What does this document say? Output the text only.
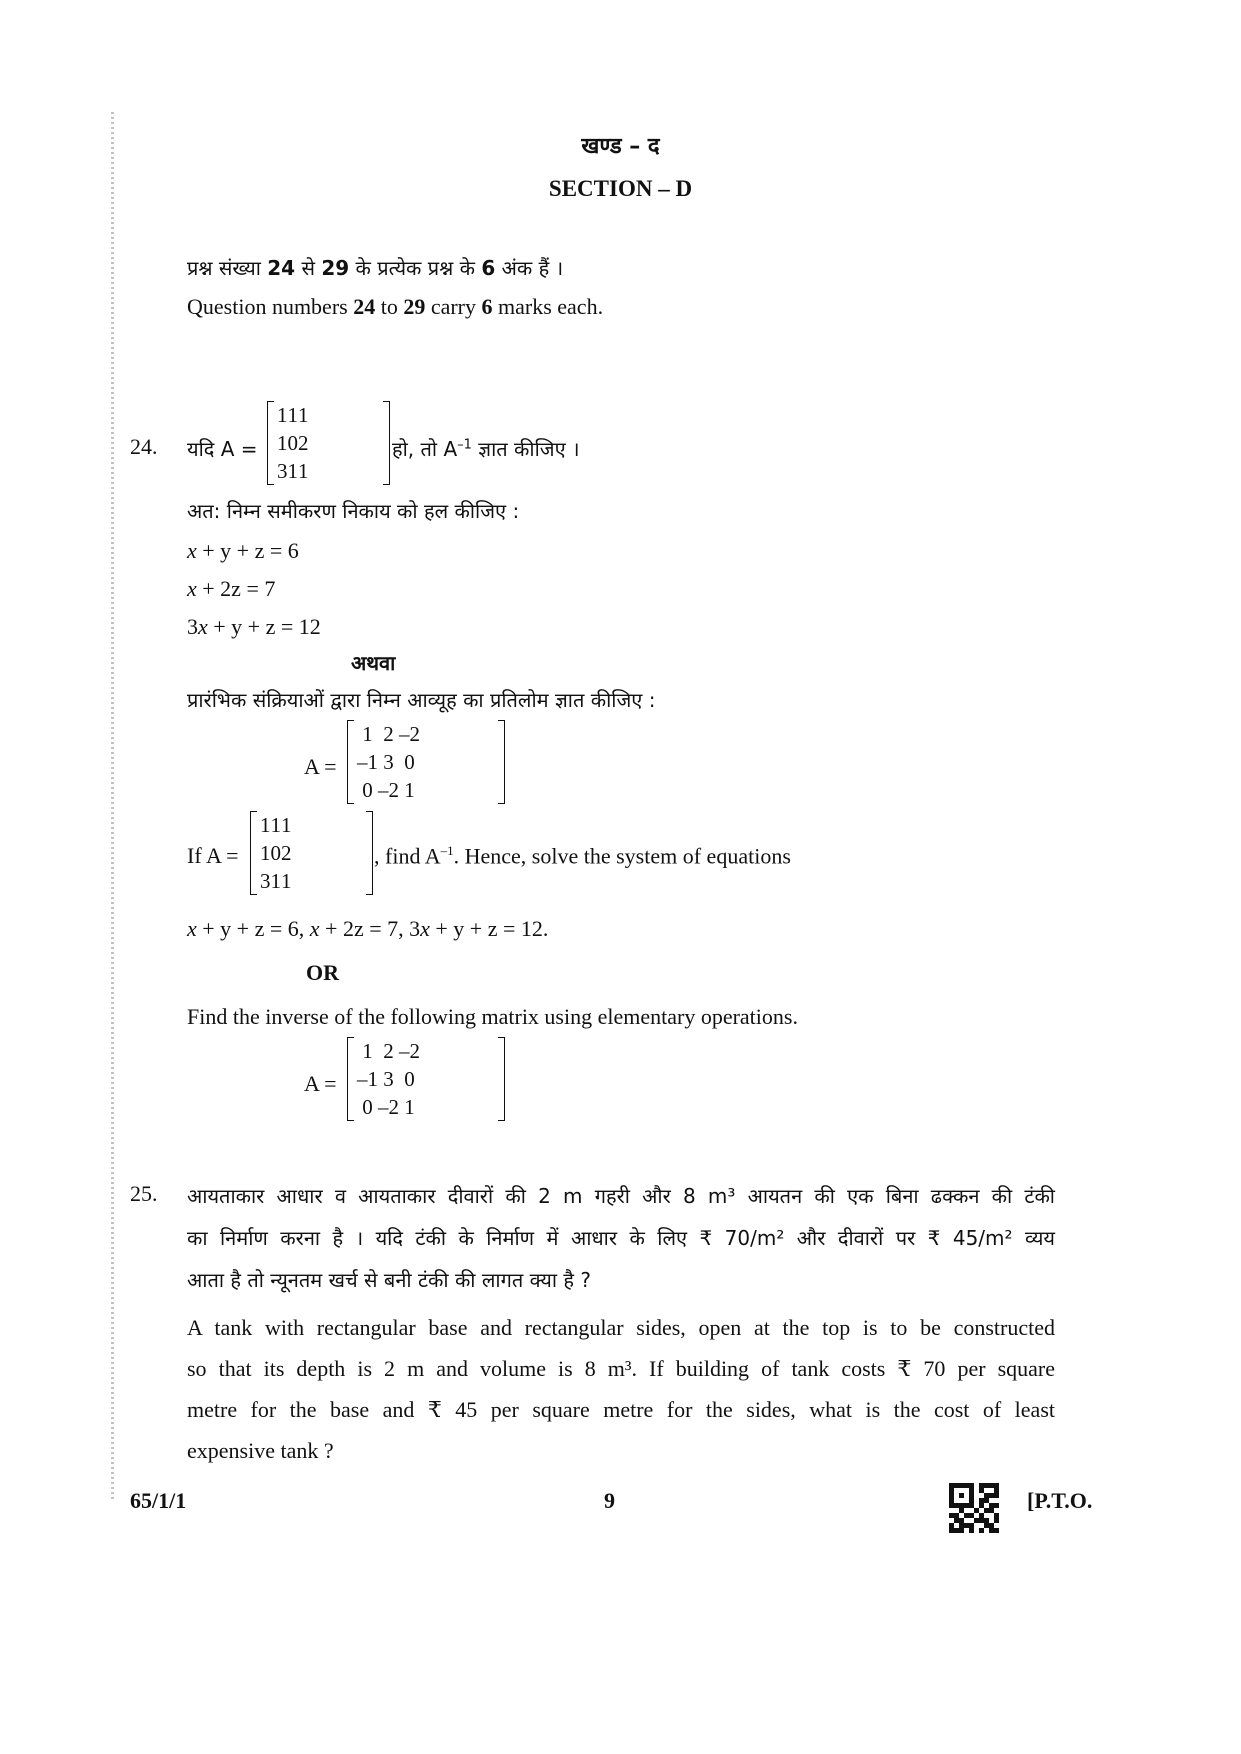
खण्ड – द
SECTION – D
प्रश्न संख्या 24 से 29 के प्रत्येक प्रश्न के 6 अंक हैं ।
Question numbers 24 to 29 carry 6 marks each.
24. यदि A =
1	1	1
1	0	2
3	1	1
हो, तो $A^{-1}$ ज्ञात कीजिए ।
अत: निम्न समीकरण निकाय को हल कीजिए :
x + y + z = 6
x + 2z = 7
3x + y + z = 12
अथवा
प्रारंभिक संक्रियाओं द्वारा निम्न आव्यूह का प्रतिलोम ज्ञात कीजिए :
A =
1	2	–2
–1	3	0
0	–2	1
If A =
1	1	1
1	0	2
3	1	1
, find $A^{-1}$. Hence, solve the system of equations
x + y + z = 6, x + 2z = 7, 3x + y + z = 12.
OR
Find the inverse of the following matrix using elementary operations.
A =
1	2	–2
–1	3	0
0	–2	1
25. आयताकार आधार व आयताकार दीवारों की 2 m गहरी और 8 m³ आयतन की एक बिना ढक्कन की टंकी
का निर्माण करना है । यदि टंकी के निर्माण में आधार के लिए ₹ 70/m² और दीवारों पर ₹ 45/m² व्यय
आता है तो न्यूनतम खर्च से बनी टंकी की लागत क्या है ?
A tank with rectangular base and rectangular sides, open at the top is to be constructed
so that its depth is 2 m and volume is 8 m³. If building of tank costs ₹ 70 per square
metre for the base and ₹ 45 per square metre for the sides, what is the cost of least
expensive tank ?
65/1/1	9	[P.T.O.
